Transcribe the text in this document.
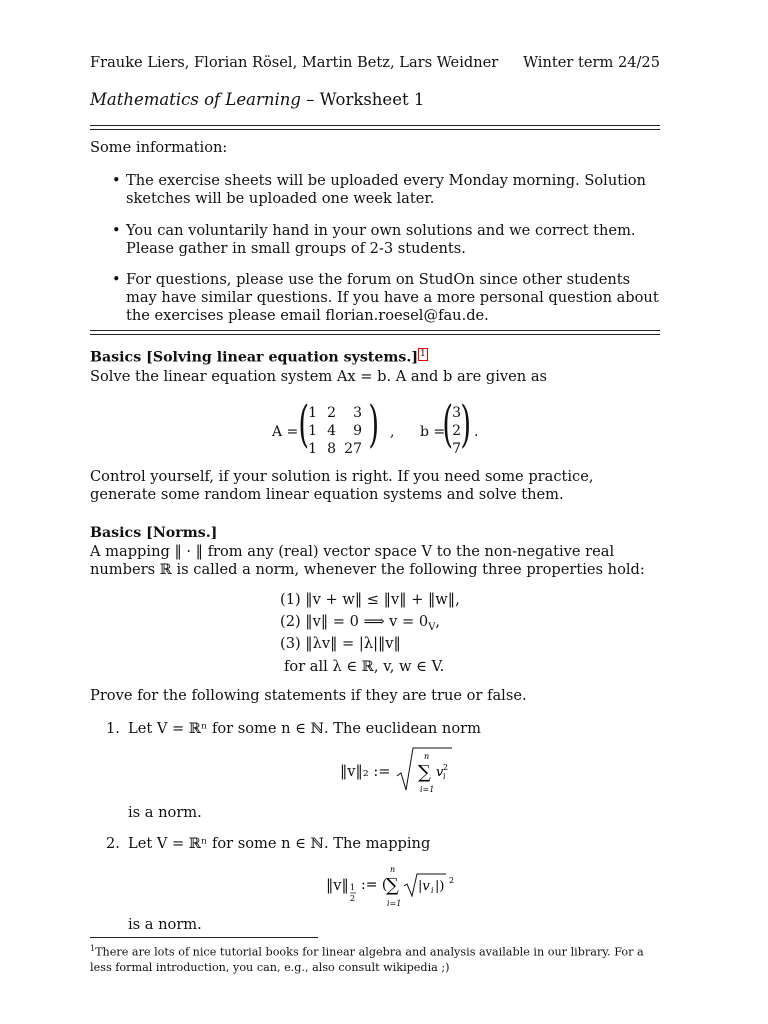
Frauke Liers, Florian Rösel, Martin Betz, Lars Weidner Winter term 24/25
Mathematics of Learning – Worksheet 1
Some information:
• The exercise sheets will be uploaded every Monday morning. Solution sketches will be uploaded one week later.
• You can voluntarily hand in your own solutions and we correct them. Please gather in small groups of 2-3 students.
• For questions, please use the forum on StudOn since other students may have similar questions. If you have a more personal question about the exercises please email florian.roesel@fau.de.
Basics [Solving linear equation systems.] 1
Solve the linear equation system Ax = b. A and b are given as
A = (
1 2	3
1 4	9
1 8 27 ) , b =
(
3
2
7 ) .
Control yourself, if your solution is right. If you need some practice, generate some random linear equation systems and solve them.
Basics [Norms.]
A mapping ‖ · ‖ from any (real) vector space V to the non-negative real numbers ℝ is called a norm, whenever the following three properties hold:
(1) ‖v + w‖ ≤ ‖v‖ + ‖w‖,
(2) ‖v‖ = 0 ⟹ $v = 0_V$,
(3) ‖λv‖ = |λ|‖v‖
for all λ ∈ ℝ, v, w ∈ V.
Prove for the following statements if they are true or false.
1. Let V = ℝⁿ for some n ∈ ℕ. The euclidean norm
‖v‖₂ :=
n
∑
i=1
v 2
i
is a norm.
2. Let V = ℝⁿ for some n ∈ ℕ. The mapping
‖v‖ 1
2
:= (
n
∑
i=1
|v i |) 2
is a norm.
$^1$There are lots of nice tutorial books for linear algebra and analysis available in our library. For a less formal introduction, you can, e.g., also consult wikipedia ;)
